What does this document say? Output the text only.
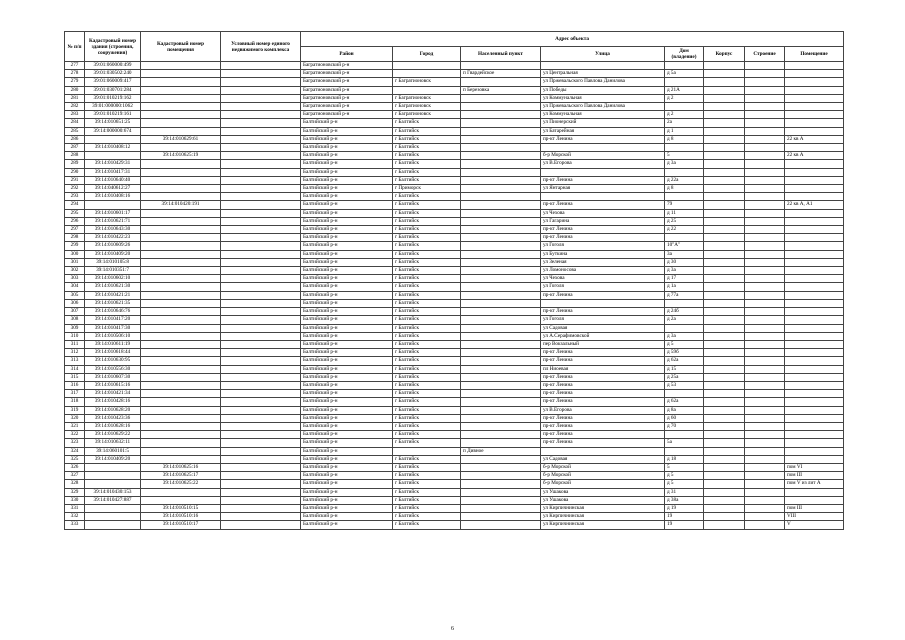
№ п/п	Кадастровый номер здания (строения, сооружения)	Кадастровый номер помещения	Условный номер единого недвижимого комплекса	Адрес объекта							
				Район	Город	Населенный пункт	Улица	Дом (владение)	Корпус	Строение	Помещение
277	39:01:060000:499			Багратионовский р-н							
278	39:01:030502:240			Багратионовский р-н		п Гвардейское	ул Центральная	д 5а			
279	39:01:060009:417			Багратионовский р-н	г Багратионовск		ул Пржевальского Павлова Данилова				
280	39:01:030701:284			Багратионовский р-н		п Березовка	ул Победы	д 21А			
281	39:01:010219:162			Багратионовский р-н	г Багратионовск		ул Коммунальная	д 2			
282	39:01:000000:1062			Багратионовский р-н	г Багратионовск		ул Пржевальского Павлова Данилова				
283	39:01:010219:161			Багратионовский р-н	г Багратионовск		ул Коммунальная	д 2			
284	39:14:010651:25			Балтийский р-н	г Балтийск		ул Пионерский	2а			
285	39:14:000000:674			Балтийский р-н	г Балтийск		ул Батарейная	д 1			
286		39:14:010629:61		Балтийский р-н	г Балтийск		пр-кт Ленина	д 8			22 кв А
287	39:14:010408:12			Балтийский р-н	г Балтийск						
288		39:14:010625:19		Балтийский р-н	г Балтийск		б-р Морской	5			22 кв А
289	39:14:010429:31			Балтийский р-н	г Балтийск		ул В.Егорова	д 3а			
290	39:14:010417:31			Балтийский р-н	г Балтийск						
291	39:14:010640:40			Балтийский р-н	г Балтийск		пр-кт Ленина	д 22а			
292	39:14:040612:27			Балтийский р-н	г Приморск		ул Янтарная	д 8			
293	39:14:010408:16			Балтийский р-н	г Балтийск						
294		39:14:010420:191		Балтийский р-н	г Балтийск		пр-кт Ленина	79			22 кв А, А1
295	39:14:010601:17			Балтийский р-н	г Балтийск		ул Чехова	д 11			
296	39:14:010621:71			Балтийский р-н	г Балтийск		ул Гагарина	д 25			
297	39:14:010643:30			Балтийский р-н	г Балтийск		пр-кт Ленина	д 22			
298	39:14:010422:23			Балтийский р-н	г Балтийск		пр-кт Ленина				
299	39:14:010609:26			Балтийский р-н	г Балтийск		ул Гоголя	10"А"			
300	39:14:010409:20			Балтийский р-н	г Балтийск		ул Буткина	3а			
301	39:14:010105:8			Балтийский р-н	г Балтийск		ул Зеленая	д 30			
302	39:14:010351:7			Балтийский р-н	г Балтийск		ул Ломоносова	д 3а			
303	39:14:010602:10			Балтийский р-н	г Балтийск		ул Чехова	д 17			
304	39:14:010621:30			Балтийский р-н	г Балтийск		ул Гоголя	д 1а			
305	39:14:010421:21			Балтийский р-н	г Балтийск		пр-кт Ленина	д 77а			
306	39:14:010621:35			Балтийский р-н	г Балтийск						
307	39:14:010646:76			Балтийский р-н	г Балтийск		пр-кт Ленина	д 24б			
308	39:14:010417:20			Балтийский р-н	г Балтийск		ул Гоголя	д 2а			
309	39:14:010417:30			Балтийский р-н	г Балтийск		ул Садовая				
310	39:14:010506:10			Балтийский р-н	г Балтийск		ул А.Серафимовской	д 3а			
311	39:14:010611:19			Балтийский р-н	г Балтийск		пер Вокзальный	д 5			
312	39:14:010618:44			Балтийский р-н	г Балтийск		пр-кт Ленина	д 59б			
313	39:14:010630:95			Балтийский р-н	г Балтийск		пр-кт Ленина	д 62а			
314	39:14:010556:30			Балтийский р-н	г Балтийск		пл Ниоевая	д 15			
315	39:14:010607:30			Балтийский р-н	г Балтийск		пр-кт Ленина	д 25а			
316	39:14:010615:16			Балтийский р-н	г Балтийск		пр-кт Ленина	д 53			
317	39:14:010421:34			Балтийский р-н	г Балтийск		пр-кт Ленина				
318	39:14:010428:16			Балтийский р-н	г Балтийск		пр-кт Ленина	д 62а			
319	39:14:010628:20			Балтийский р-н	г Балтийск		ул В.Егорова	д 8а			
320	39:14:010423:36			Балтийский р-н	г Балтийск		пр-кт Ленина	д 60			
321	39:14:010628:16			Балтийский р-н	г Балтийск		пр-кт Ленина	д 70			
322	39:14:010629:22			Балтийский р-н	г Балтийск		пр-кт Ленина				
323	39:14:010632:11			Балтийский р-н	г Балтийск		пр-кт Ленина	5а			
324	39:14:060101:5			Балтийский р-н		п Дивное					
325	39:14:010409:20			Балтийский р-н	г Балтийск		ул Садовая	д 18			
326		39:14:010625:16		Балтийский р-н	г Балтийск		б-р Морской	5			пом VI
327		39:14:010625:17		Балтийский р-н	г Балтийск		б-р Морской	д 5			пом III
328		39:14:010625:22		Балтийский р-н	г Балтийск		б-р Морской	д 5			пом V из лит А
329	39:14:010430:153			Балтийский р-н	г Балтийск		ул Ушакова	д 31			
330	39:14:010427:887			Балтийский р-н	г Балтийск		ул Ушакова	д 38а			
331		39:14:010510:15		Балтийский р-н	г Балтийск		ул Кирпичнинская	д 19			пом III
332		39:14:010510:16		Балтийский р-н	г Балтийск		ул Кирпичнинская	19			VIII
333		39:14:010510:17		Балтийский р-н	г Балтийск		ул Кирпичнинская	19			V
6
